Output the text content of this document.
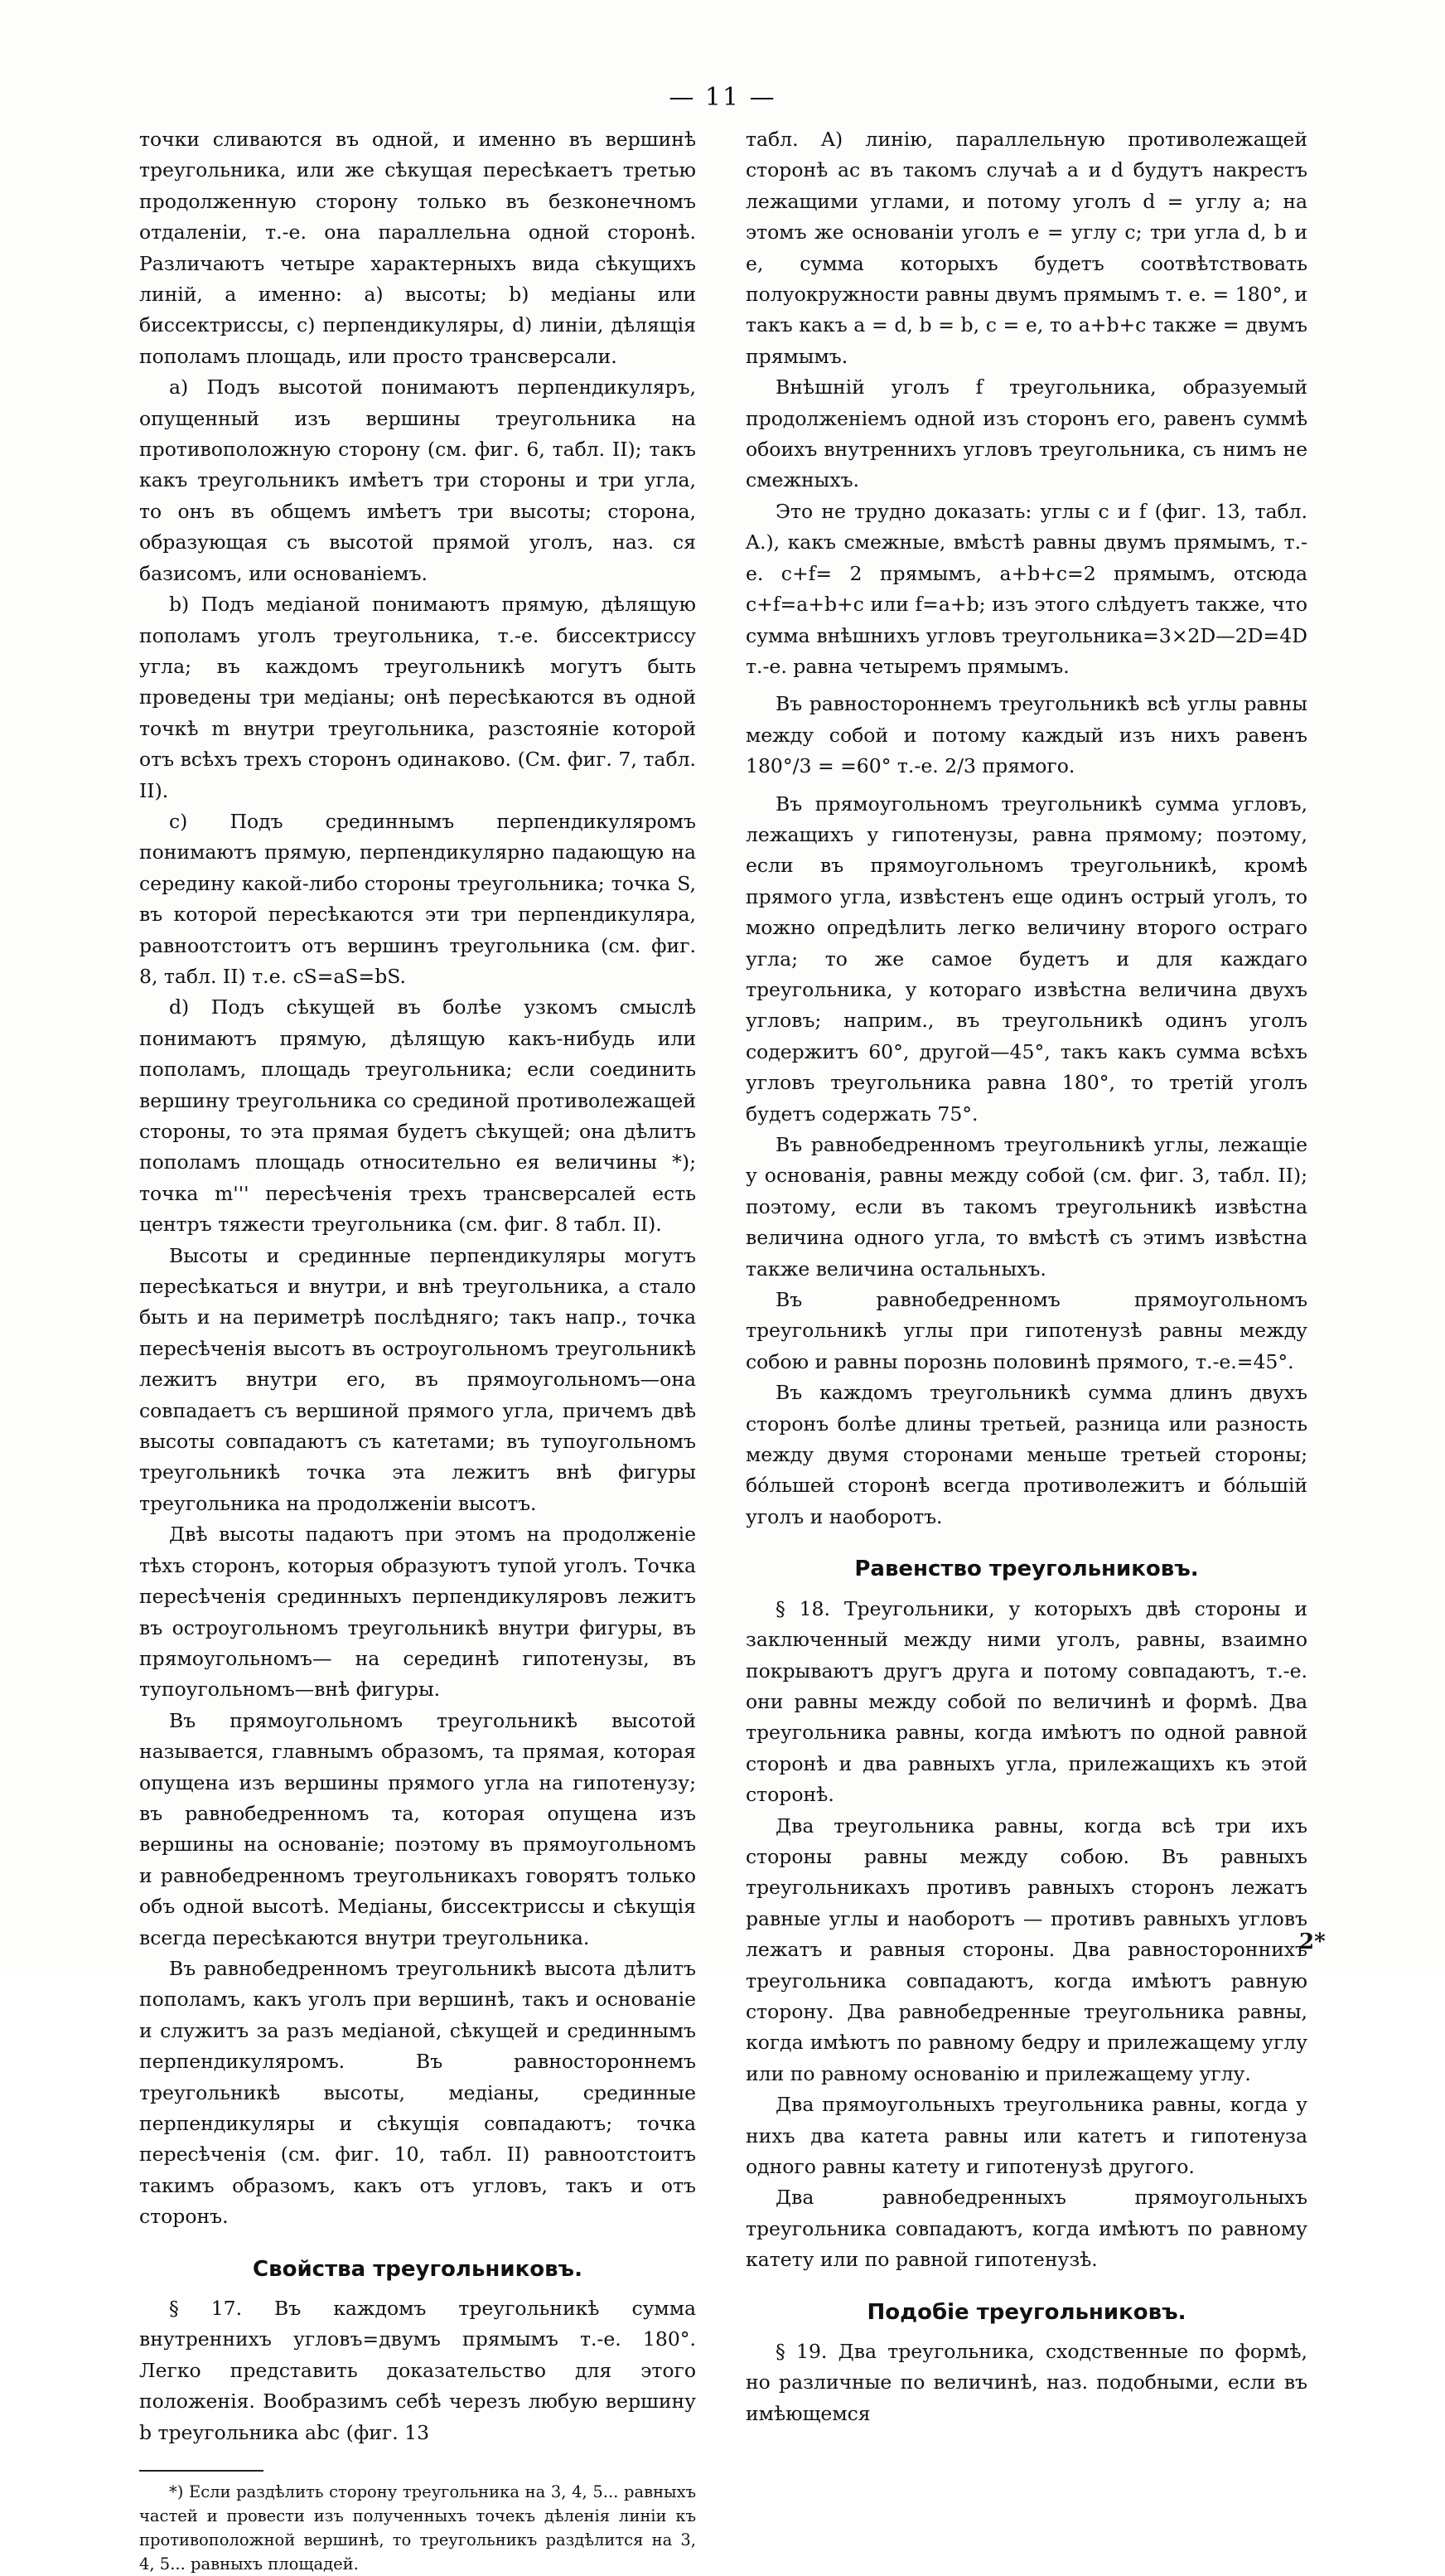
— 11 —

точки сливаются въ одной, и именно въ вершинѣ треугольника, или же сѣкущая пересѣкаетъ третью продолженную сторону только въ безконечномъ отдаленіи, т.-е. она параллельна одной сторонѣ. Различаютъ четыре характерныхъ вида сѣкущихъ линій, а именно: a) высоты; b) медіаны или биссектриссы, c) перпендикуляры, d) линіи, дѣлящія пополамъ площадь, или просто трансверсали.

a) Подъ высотой понимаютъ перпендикуляръ, опущенный изъ вершины треугольника на противоположную сторону (см. фиг. 6, табл. II); такъ какъ треугольникъ имѣетъ три стороны и три угла, то онъ въ общемъ имѣетъ три высоты; сторона, образующая съ высотой прямой уголъ, наз. ся базисомъ, или основаніемъ.

b) Подъ медіаной понимаютъ прямую, дѣлящую пополамъ уголъ треугольника, т.-е. биссектриссу угла; въ каждомъ треугольникѣ могутъ быть проведены три медіаны; онѣ пересѣкаются въ одной точкѣ m внутри треугольника, разстояніе которой отъ всѣхъ трехъ сторонъ одинаково. (См. фиг. 7, табл. II).

c) Подъ срединнымъ перпендикуляромъ понимаютъ прямую, перпендикулярно падающую на середину какой-либо стороны треугольника; точка S, въ которой пересѣкаются эти три перпендикуляра, равноотстоитъ отъ вершинъ треугольника (см. фиг. 8, табл. II) т.е. cS=aS=bS.

d) Подъ сѣкущей въ болѣе узкомъ смыслѣ понимаютъ прямую, дѣлящую какъ-нибудь или пополамъ, площадь треугольника; если соединить вершину треугольника со срединой противолежащей стороны, то эта прямая будетъ сѣкущей; она дѣлитъ пополамъ площадь относительно ея величины *); точка m''' пересѣченія трехъ трансверсалей есть центръ тяжести треугольника (см. фиг. 8 табл. II).

Высоты и срединные перпендикуляры могутъ пересѣкаться и внутри, и внѣ треугольника, а стало быть и на периметрѣ послѣдняго; такъ напр., точка пересѣченія высотъ въ остроугольномъ треугольникѣ лежитъ внутри его, въ прямоугольномъ—она совпадаетъ съ вершиной прямого угла, причемъ двѣ высоты совпадаютъ съ катетами; въ тупоугольномъ треугольникѣ точка эта лежитъ внѣ фигуры треугольника на продолженіи высотъ.

Двѣ высоты падаютъ при этомъ на продолженіе тѣхъ сторонъ, которыя образуютъ тупой уголъ. Точка пересѣченія срединныхъ перпендикуляровъ лежитъ въ остроугольномъ треугольникѣ внутри фигуры, въ прямоугольномъ— на серединѣ гипотенузы, въ тупоугольномъ—внѣ фигуры.

Въ прямоугольномъ треугольникѣ высотой называется, главнымъ образомъ, та прямая, которая опущена изъ вершины прямого угла на гипотенузу; въ равнобедренномъ та, которая опущена изъ вершины на основаніе; поэтому въ прямоугольномъ и равнобедренномъ треугольникахъ говорятъ только объ одной высотѣ. Медіаны, биссектриссы и сѣкущія всегда пересѣкаются внутри треугольника.

Въ равнобедренномъ треугольникѣ высота дѣлитъ пополамъ, какъ уголъ при вершинѣ, такъ и основаніе и служитъ за разъ медіаной, сѣкущей и срединнымъ перпендикуляромъ. Въ равностороннемъ треугольникѣ высоты, медіаны, срединные перпендикуляры и сѣкущія совпадаютъ; точка пересѣченія (см. фиг. 10, табл. II) равноотстоитъ такимъ образомъ, какъ отъ угловъ, такъ и отъ сторонъ.

Свойства треугольниковъ.

§ 17. Въ каждомъ треугольникѣ сумма внутреннихъ угловъ=двумъ прямымъ т.-е. 180°. Легко представить доказательство для этого положенія. Вообразимъ себѣ черезъ любую вершину b треугольника abc (фиг. 13

*) Если раздѣлить сторону треугольника на 3, 4, 5... равныхъ частей и провести изъ полученныхъ точекъ дѣленія линіи къ противоположной вершинѣ, то треугольникъ раздѣлится на 3, 4, 5... равныхъ площадей.

табл. A) линію, параллельную противолежащей сторонѣ ac въ такомъ случаѣ a и d будутъ накрестъ лежащими углами, и потому уголъ d = углу a; на этомъ же основаніи уголъ e = углу c; три угла d, b и e, сумма которыхъ будетъ соотвѣтствовать полуокружности равны двумъ прямымъ т. е. = 180°, и такъ какъ a = d, b = b, c = e, то a+b+c также = двумъ прямымъ.

Внѣшній уголъ f треугольника, образуемый продолженіемъ одной изъ сторонъ его, равенъ суммѣ обоихъ внутреннихъ угловъ треугольника, съ нимъ не смежныхъ.

Это не трудно доказать: углы c и f (фиг. 13, табл. A.), какъ смежные, вмѣстѣ равны двумъ прямымъ, т.-е. c+f= 2 прямымъ, a+b+c=2 прямымъ, отсюда c+f=a+b+c или f=a+b; изъ этого слѣдуетъ также, что сумма внѣшнихъ угловъ треугольника=3×2D—2D=4D т.-е. равна четыремъ прямымъ.

Въ равностороннемъ треугольникѣ всѣ углы равны между собой и потому каждый изъ нихъ равенъ 180°/3 = =60° т.-е. 2/3 прямого.

Въ прямоугольномъ треугольникѣ сумма угловъ, лежащихъ у гипотенузы, равна прямому; поэтому, если въ прямоугольномъ треугольникѣ, кромѣ прямого угла, извѣстенъ еще одинъ острый уголъ, то можно опредѣлить легко величину второго остраго угла; то же самое будетъ и для каждаго треугольника, у котораго извѣстна величина двухъ угловъ; наприм., въ треугольникѣ одинъ уголъ содержитъ 60°, другой—45°, такъ какъ сумма всѣхъ угловъ треугольника равна 180°, то третій уголъ будетъ содержать 75°.

Въ равнобедренномъ треугольникѣ углы, лежащіе у основанія, равны между собой (см. фиг. 3, табл. II); поэтому, если въ такомъ треугольникѣ извѣстна величина одного угла, то вмѣстѣ съ этимъ извѣстна также величина остальныхъ.

Въ равнобедренномъ прямоугольномъ треугольникѣ углы при гипотенузѣ равны между собою и равны порознь половинѣ прямого, т.-е.=45°.

Въ каждомъ треугольникѣ сумма длинъ двухъ сторонъ болѣе длины третьей, разница или разность между двумя сторонами меньше третьей стороны; бо́льшей сторонѣ всегда противолежитъ и бо́льшій уголъ и наоборотъ.

Равенство треугольниковъ.

§ 18. Треугольники, у которыхъ двѣ стороны и заключенный между ними уголъ, равны, взаимно покрываютъ другъ друга и потому совпадаютъ, т.-е. они равны между собой по величинѣ и формѣ. Два треугольника равны, когда имѣютъ по одной равной сторонѣ и два равныхъ угла, прилежащихъ къ этой сторонѣ.

Два треугольника равны, когда всѣ три ихъ стороны равны между собою. Въ равныхъ треугольникахъ противъ равныхъ сторонъ лежатъ равные углы и наоборотъ — противъ равныхъ угловъ лежатъ и равныя стороны. Два равностороннихъ треугольника совпадаютъ, когда имѣютъ равную сторону. Два равнобедренные треугольника равны, когда имѣютъ по равному бедру и прилежащему углу или по равному основанію и прилежащему углу.

Два прямоугольныхъ треугольника равны, когда у нихъ два катета равны или катетъ и гипотенуза одного равны катету и гипотенузѣ другого.

Два равнобедренныхъ прямоугольныхъ треугольника совпадаютъ, когда имѣютъ по равному катету или по равной гипотенузѣ.

Подобіе треугольниковъ.

§ 19. Два треугольника, сходственные по формѣ, но различные по величинѣ, наз. подобными, если въ имѣющемся

2*
